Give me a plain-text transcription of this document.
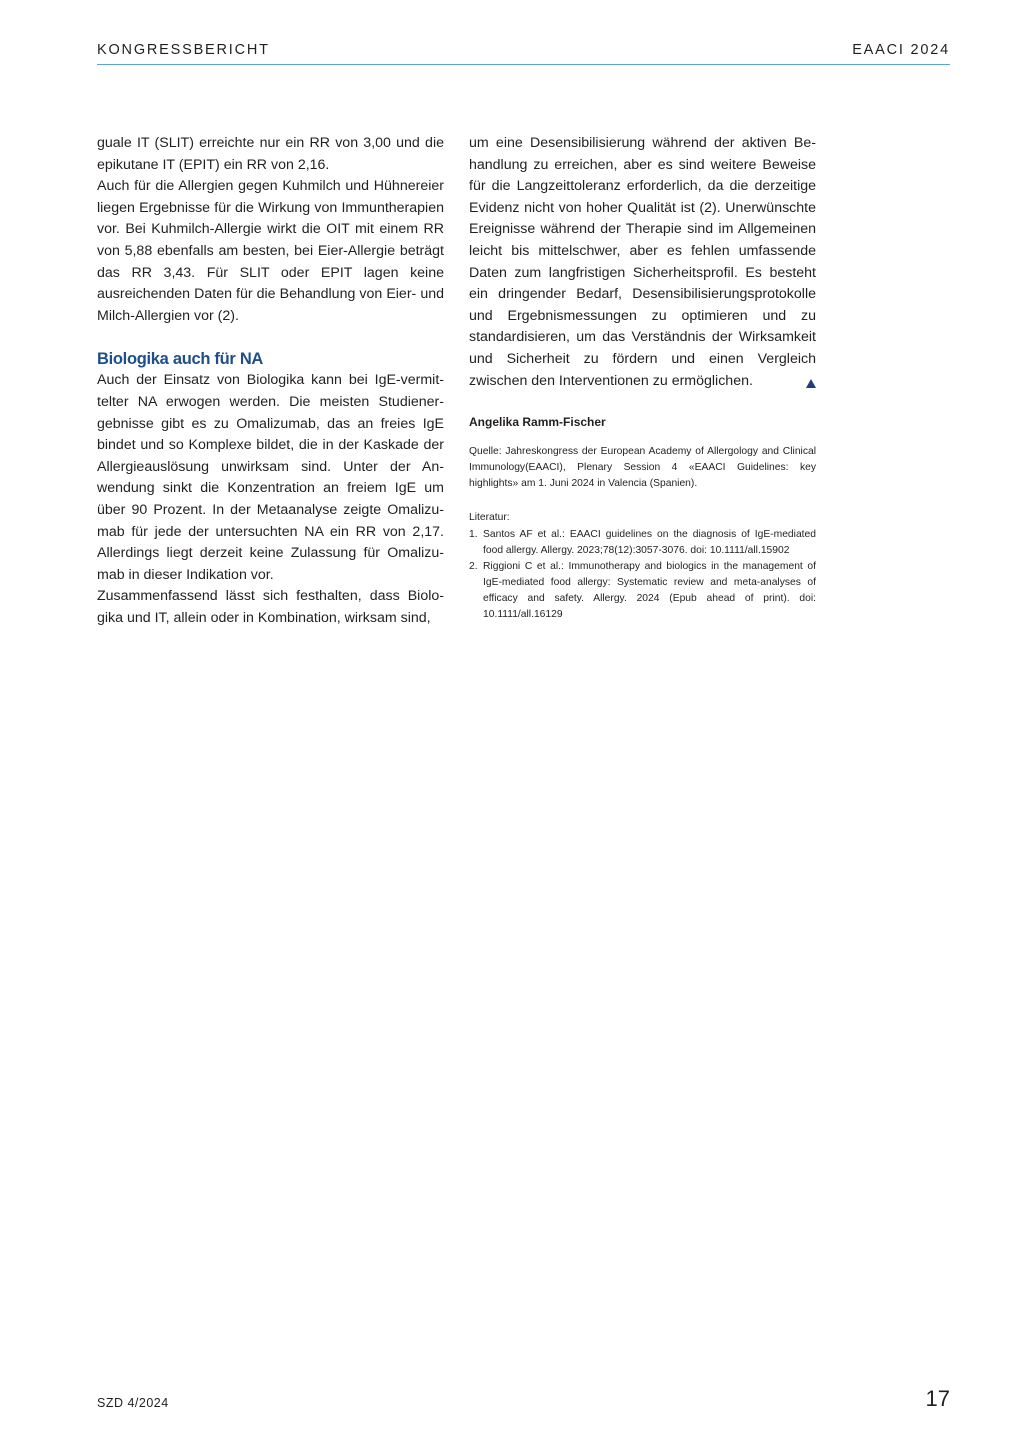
KONGRESSBERICHT	EAACI 2024

guale IT (SLIT) erreichte nur ein RR von 3,00 und die epikutane IT (EPIT) ein RR von 2,16.

Auch für die Allergien gegen Kuhmilch und Hühnereier liegen Ergebnisse für die Wirkung von Immuntherapien vor. Bei Kuhmilch-Allergie wirkt die OIT mit einem RR von 5,88 ebenfalls am besten, bei Eier-Allergie beträgt das RR 3,43. Für SLIT oder EPIT lagen keine ausreichenden Daten für die Behandlung von Eier- und Milch-Allergien vor (2).

Biologika auch für NA

Auch der Einsatz von Biologika kann bei IgE-vermittelter NA erwogen werden. Die meisten Studienergebnisse gibt es zu Omalizumab, das an freies IgE bindet und so Komplexe bildet, die in der Kaskade der Allergieauslösung unwirksam sind. Unter der Anwendung sinkt die Konzentration an freiem IgE um über 90 Prozent. In der Metaanalyse zeigte Omalizumab für jede der untersuchten NA ein RR von 2,17. Allerdings liegt derzeit keine Zulassung für Omalizumab in dieser Indikation vor.

Zusammenfassend lässt sich festhalten, dass Biologika und IT, allein oder in Kombination, wirksam sind,

um eine Desensibilisierung während der aktiven Behandlung zu erreichen, aber es sind weitere Beweise für die Langzeittoleranz erforderlich, da die derzeitige Evidenz nicht von hoher Qualität ist (2). Unerwünschte Ereignisse während der Therapie sind im Allgemeinen leicht bis mittelschwer, aber es fehlen umfassende Daten zum langfristigen Sicherheitsprofil. Es besteht ein dringender Bedarf, Desensibilisierungsprotokolle und Ergebnismessungen zu optimieren und zu standardisieren, um das Verständnis der Wirksamkeit und Sicherheit zu fördern und einen Vergleich zwischen den Interventionen zu ermöglichen.

Angelika Ramm-Fischer
Quelle: Jahreskongress der European Academy of Allergology and Clinical Immunology(EAACI), Plenary Session 4 «EAACI Guidelines: key highlights» am 1. Juni 2024 in Valencia (Spanien).
Literatur:
1. Santos AF et al.: EAACI guidelines on the diagnosis of IgE-mediated food allergy. Allergy. 2023;78(12):3057-3076. doi: 10.1111/all.15902
2. Riggioni C et al.: Immunotherapy and biologics in the management of IgE-mediated food allergy: Systematic review and meta-analyses of efficacy and safety. Allergy. 2024 (Epub ahead of print). doi: 10.1111/all.16129
SZD 4/2024	17
